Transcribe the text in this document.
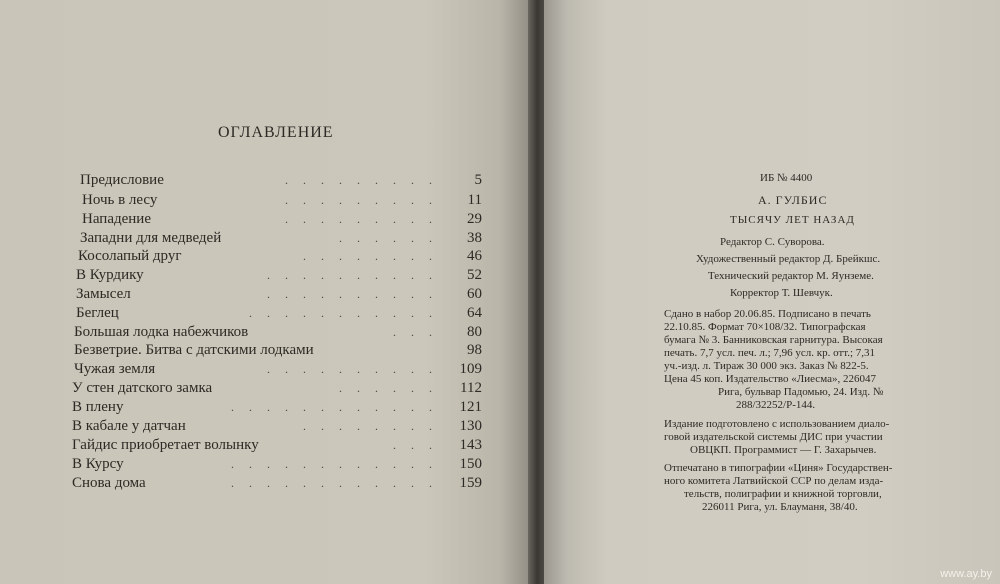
ОГЛАВЛЕНИЕ
Предисловие	. . . . . . . . . 5
Ночь в лесу	. . . . . . . . . 11
Нападение	. . . . . . . . . 29
Западни для медведей	. . . . . . 38
Косолапый друг	. . . . . . . . 46
В Курдику	. . . . . . . . . . 52
Замысел	. . . . . . . . . . 60
Беглец	. . . . . . . . . . . 64
Большая лодка набежчиков	. . . 80
Безветрие. Битва с датскими лодками	98
Чужая земля	. . . . . . . . . . 109
У стен датского замка	. . . . . . 112
В плену	. . . . . . . . . . . . 121
В кабале у датчан	. . . . . . . . 130
Гайдис приобретает волынку	. . . 143
В Курсу	. . . . . . . . . . . . 150
Снова дома	. . . . . . . . . . . . 159
ИБ № 4400
А. ГУЛБИС
ТЫСЯЧУ ЛЕТ НАЗАД
Редактор С. Суворова.
Художественный редактор Д. Брейкшс.
Технический редактор М. Яунземе.
Корректор Т. Шевчук.
Сдано в набор 20.06.85. Подписано в печать
22.10.85. Формат 70×108/32. Типографская
бумага № 3. Банниковская гарнитура. Высокая
печать. 7,7 усл. печ. л.; 7,96 усл. кр. отт.; 7,31
уч.-изд. л. Тираж 30 000 экз. Заказ № 822-5.
Цена 45 коп. Издательство «Лиесма», 226047
Рига, бульвар Падомью, 24. Изд. №
288/32252/Р-144.
Издание подготовлено с использованием диало-
говой издательской системы ДИС при участии
ОВЦКП. Программист — Г. Захарычев.
Отпечатано в типографии «Циня» Государствен-
ного комитета Латвийской ССР по делам изда-
тельств, полиграфии и книжной торговли,
226011 Рига, ул. Блауманя, 38/40.
www.ay.by
